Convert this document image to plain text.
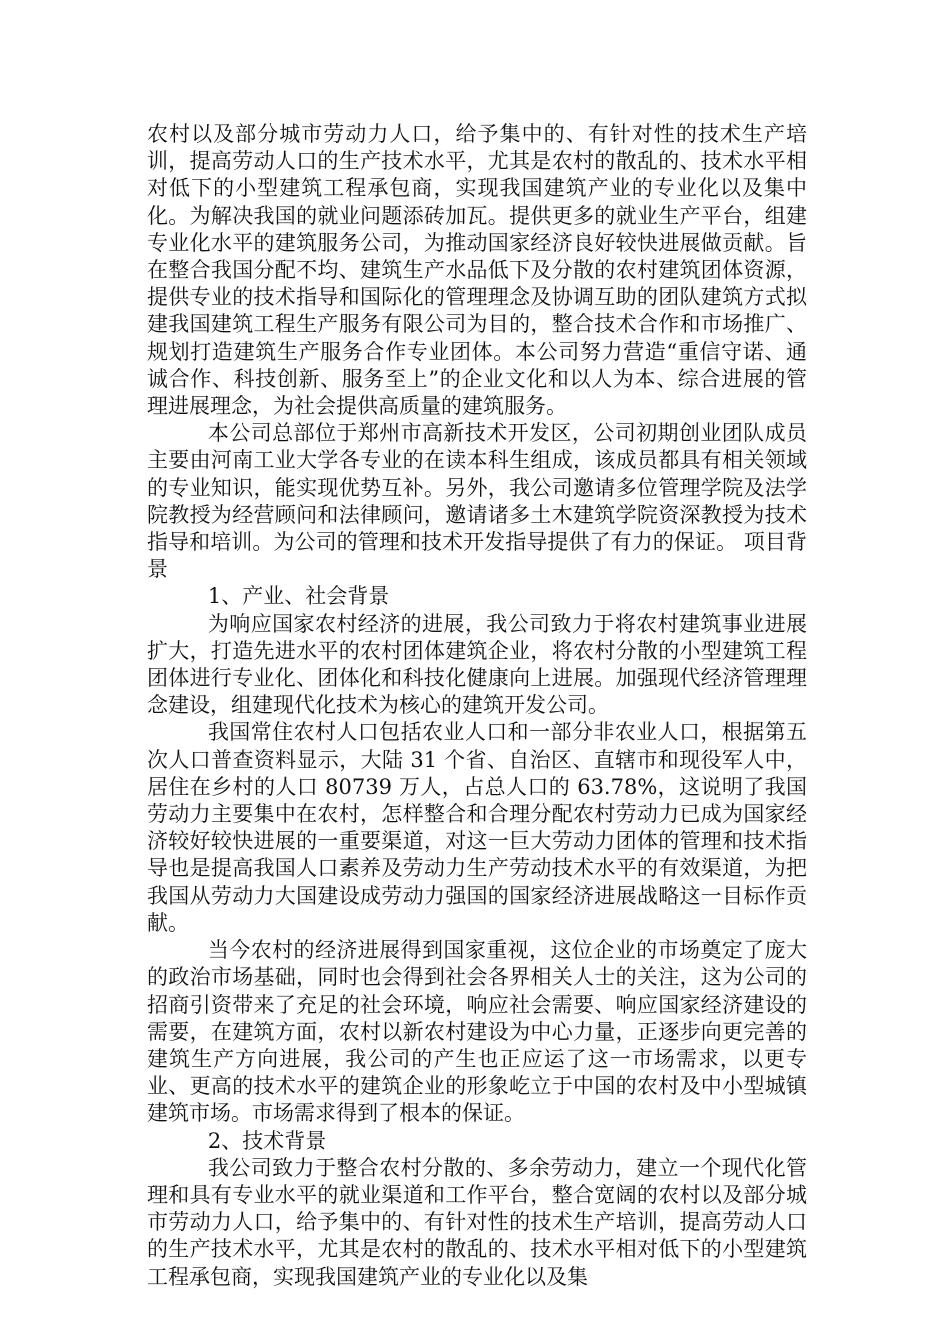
农村以及部分城市劳动力人口，给予集中的、有针对性的技术生产培训，提高劳动人口的生产技术水平，尤其是农村的散乱的、技术水平相对低下的小型建筑工程承包商，实现我国建筑产业的专业化以及集中化。为解决我国的就业问题添砖加瓦。提供更多的就业生产平台，组建专业化水平的建筑服务公司，为推动国家经济良好较快进展做贡献。旨在整合我国分配不均、建筑生产水品低下及分散的农村建筑团体资源，提供专业的技术指导和国际化的管理理念及协调互助的团队建筑方式拟建我国建筑工程生产服务有限公司为目的，整合技术合作和市场推广、规划打造建筑生产服务合作专业团体。本公司努力营造“重信守诺、通诚合作、科技创新、服务至上”的企业文化和以人为本、综合进展的管理进展理念，为社会提供高质量的建筑服务。

本公司总部位于郑州市高新技术开发区，公司初期创业团队成员主要由河南工业大学各专业的在读本科生组成，该成员都具有相关领域的专业知识，能实现优势互补。另外，我公司邀请多位管理学院及法学院教授为经营顾问和法律顾问，邀请诸多土木建筑学院资深教授为技术指导和培训。为公司的管理和技术开发指导提供了有力的保证。 项目背景

1、产业、社会背景

为响应国家农村经济的进展，我公司致力于将农村建筑事业进展扩大，打造先进水平的农村团体建筑企业，将农村分散的小型建筑工程团体进行专业化、团体化和科技化健康向上进展。加强现代经济管理理念建设，组建现代化技术为核心的建筑开发公司。

我国常住农村人口包括农业人口和一部分非农业人口，根据第五次人口普查资料显示，大陆 31 个省、自治区、直辖市和现役军人中，居住在乡村的人口 80739 万人，占总人口的 63.78%，这说明了我国劳动力主要集中在农村，怎样整合和合理分配农村劳动力已成为国家经济较好较快进展的一重要渠道，对这一巨大劳动力团体的管理和技术指导也是提高我国人口素养及劳动力生产劳动技术水平的有效渠道，为把我国从劳动力大国建设成劳动力强国的国家经济进展战略这一目标作贡献。

当今农村的经济进展得到国家重视，这位企业的市场奠定了庞大的政治市场基础，同时也会得到社会各界相关人士的关注，这为公司的招商引资带来了充足的社会环境，响应社会需要、响应国家经济建设的需要，在建筑方面，农村以新农村建设为中心力量，正逐步向更完善的建筑生产方向进展，我公司的产生也正应运了这一市场需求，以更专业、更高的技术水平的建筑企业的形象屹立于中国的农村及中小型城镇建筑市场。市场需求得到了根本的保证。

2、技术背景

我公司致力于整合农村分散的、多余劳动力，建立一个现代化管理和具有专业水平的就业渠道和工作平台，整合宽阔的农村以及部分城市劳动力人口，给予集中的、有针对性的技术生产培训，提高劳动人口的生产技术水平，尤其是农村的散乱的、技术水平相对低下的小型建筑工程承包商，实现我国建筑产业的专业化以及集
